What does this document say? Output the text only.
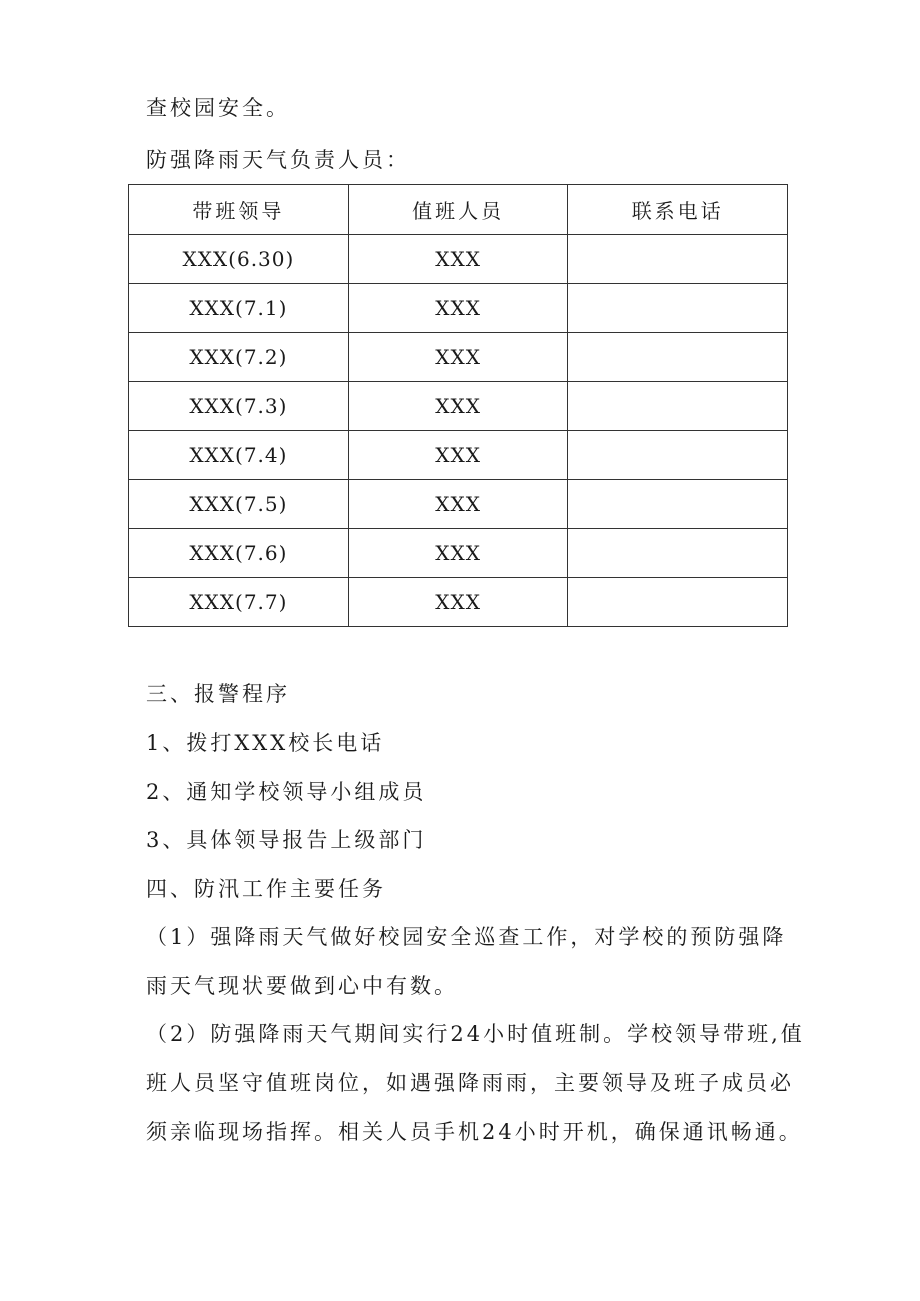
查校园安全。
防强降雨天气负责人员：
带班领导	值班人员	联系电话
XXX(6.30)	XXX	
XXX(7.1)	XXX	
XXX(7.2)	XXX	
XXX(7.3)	XXX	
XXX(7.4)	XXX	
XXX(7.5)	XXX	
XXX(7.6)	XXX	
XXX(7.7)	XXX	
三、报警程序
1、拨打XXX校长电话
2、通知学校领导小组成员
3、具体领导报告上级部门
四、防汛工作主要任务
（1）强降雨天气做好校园安全巡查工作，对学校的预防强降雨天气现状要做到心中有数。
（2）防强降雨天气期间实行24小时值班制。学校领导带班,值班人员坚守值班岗位，如遇强降雨雨，主要领导及班子成员必须亲临现场指挥。相关人员手机24小时开机，确保通讯畅通。
